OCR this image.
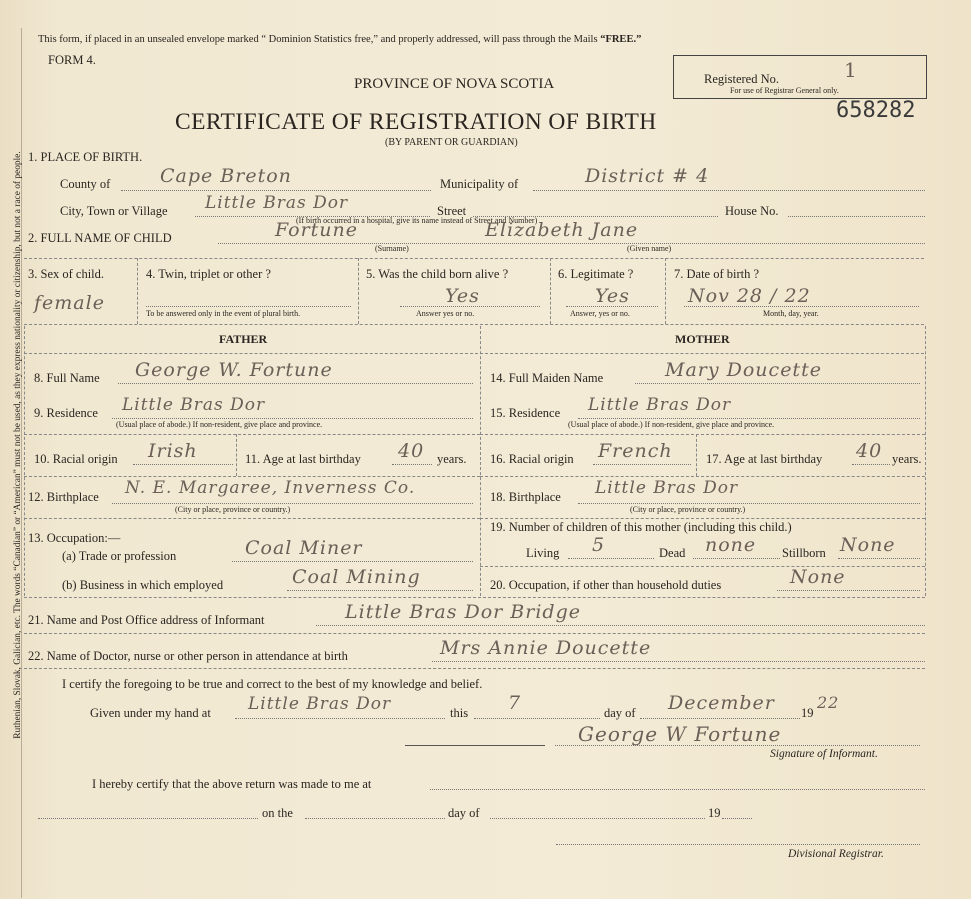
Ruthenian, Slovak, Galician, etc. The words “Canadian” or “American” must not be used, as they express nationality or citizenship, but not a race of people.
This form, if placed in an unsealed envelope marked “ Dominion Statistics free,” and properly addressed, will pass through the Mails “FREE.”
FORM 4.
Registered No.	1
For use of Registrar General only.
658282
PROVINCE OF NOVA SCOTIA
CERTIFICATE OF REGISTRATION OF BIRTH
(BY PARENT OR GUARDIAN)
1. PLACE OF BIRTH.
County of	Cape Breton	Municipality of	District # 4
City, Town or Village Little Bras Dor	Street
(If birth occurred in a hospital, give its name instead of Street and Number)
House No.
2. FULL NAME OF CHILD	Fortune
(Surname)
Elizabeth Jane
(Given name)
3. Sex of child.
female
4. Twin, triplet or other ?
To be answered only in the event of plural birth.
5. Was the child born alive ?
Yes
Answer yes or no.
6. Legitimate ?
Yes
Answer, yes or no.
7. Date of birth ?
Nov 28 / 22
Month, day, year.
FATHER	MOTHER
8. Full Name George W. Fortune
9. Residence Little Bras Dor
(Usual place of abode.) If non-resident, give place and province.
10. Racial origin Irish	11. Age at last birthday 40 years.
12. Birthplace N. E. Margaree, Inverness Co.
(City or place, province or country.)
13. Occupation:—
(a) Trade or profession	Coal Miner
(b) Business in which employed	Coal Mining
14. Full Maiden Name	Mary Doucette
15. Residence Little Bras Dor
(Usual place of abode.) If non-resident, give place and province.
16. Racial origin French	17. Age at last birthday 40 years.
18. Birthplace Little Bras Dor
(City or place, province or country.)
19. Number of children of this mother (including this child.)
Living 5	Dead none Stillborn None
20. Occupation, if other than household duties	None
21. Name and Post Office address of Informant	Little Bras Dor Bridge
22. Name of Doctor, nurse or other person in attendance at birth	Mrs Annie Doucette
I certify the foregoing to be true and correct to the best of my knowledge and belief.
Given under my hand at Little Bras Dor	this 7	day of December 19
22
George W Fortune
Signature of Informant.
I hereby certify that the above return was made to me at
on the	day of	19
Divisional Registrar.
